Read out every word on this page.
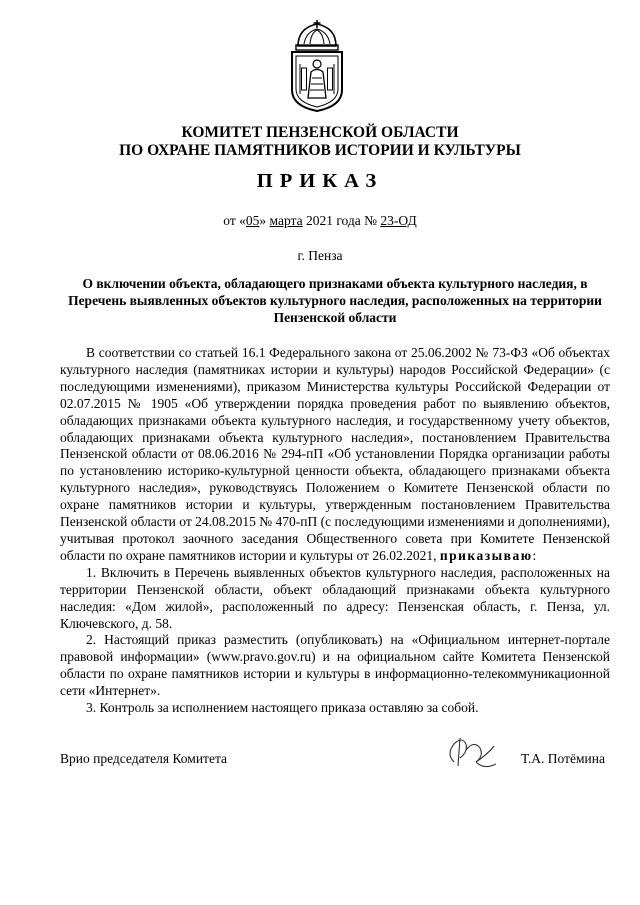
КОМИТЕТ ПЕНЗЕНСКОЙ ОБЛАСТИ
ПО ОХРАНЕ ПАМЯТНИКОВ ИСТОРИИ И КУЛЬТУРЫ
ПРИКАЗ
от «05» марта 2021 года № 23-ОД
г. Пенза
О включении объекта, обладающего признаками объекта культурного наследия, в Перечень выявленных объектов культурного наследия, расположенных на территории Пензенской области

В соответствии со статьей 16.1 Федерального закона от 25.06.2002 № 73-ФЗ «Об объектах культурного наследия (памятниках истории и культуры) народов Российской Федерации» (с последующими изменениями), приказом Министерства культуры Российской Федерации от 02.07.2015 № 1905 «Об утверждении порядка проведения работ по выявлению объектов, обладающих признаками объекта культурного наследия, и государственному учету объектов, обладающих признаками объекта культурного наследия», постановлением Правительства Пензенской области от 08.06.2016 № 294-пП «Об установлении Порядка организации работы по установлению историко-культурной ценности объекта, обладающего признаками объекта культурного наследия», руководствуясь Положением о Комитете Пензенской области по охране памятников истории и культуры, утвержденным постановлением Правительства Пензенской области от 24.08.2015 № 470-пП (с последующими изменениями и дополнениями), учитывая протокол заочного заседания Общественного совета при Комитете Пензенской области по охране памятников истории и культуры от 26.02.2021, приказываю:

1. Включить в Перечень выявленных объектов культурного наследия, расположенных на территории Пензенской области, объект обладающий признаками объекта культурного наследия: «Дом жилой», расположенный по адресу: Пензенская область, г. Пенза, ул. Ключевского, д. 58.

2. Настоящий приказ разместить (опубликовать) на «Официальном интернет-портале правовой информации» (www.pravo.gov.ru) и на официальном сайте Комитета Пензенской области по охране памятников истории и культуры в информационно-телекоммуникационной сети «Интернет».

3. Контроль за исполнением настоящего приказа оставляю за собой.

Врио председателя Комитета	Т.А. Потёмина
